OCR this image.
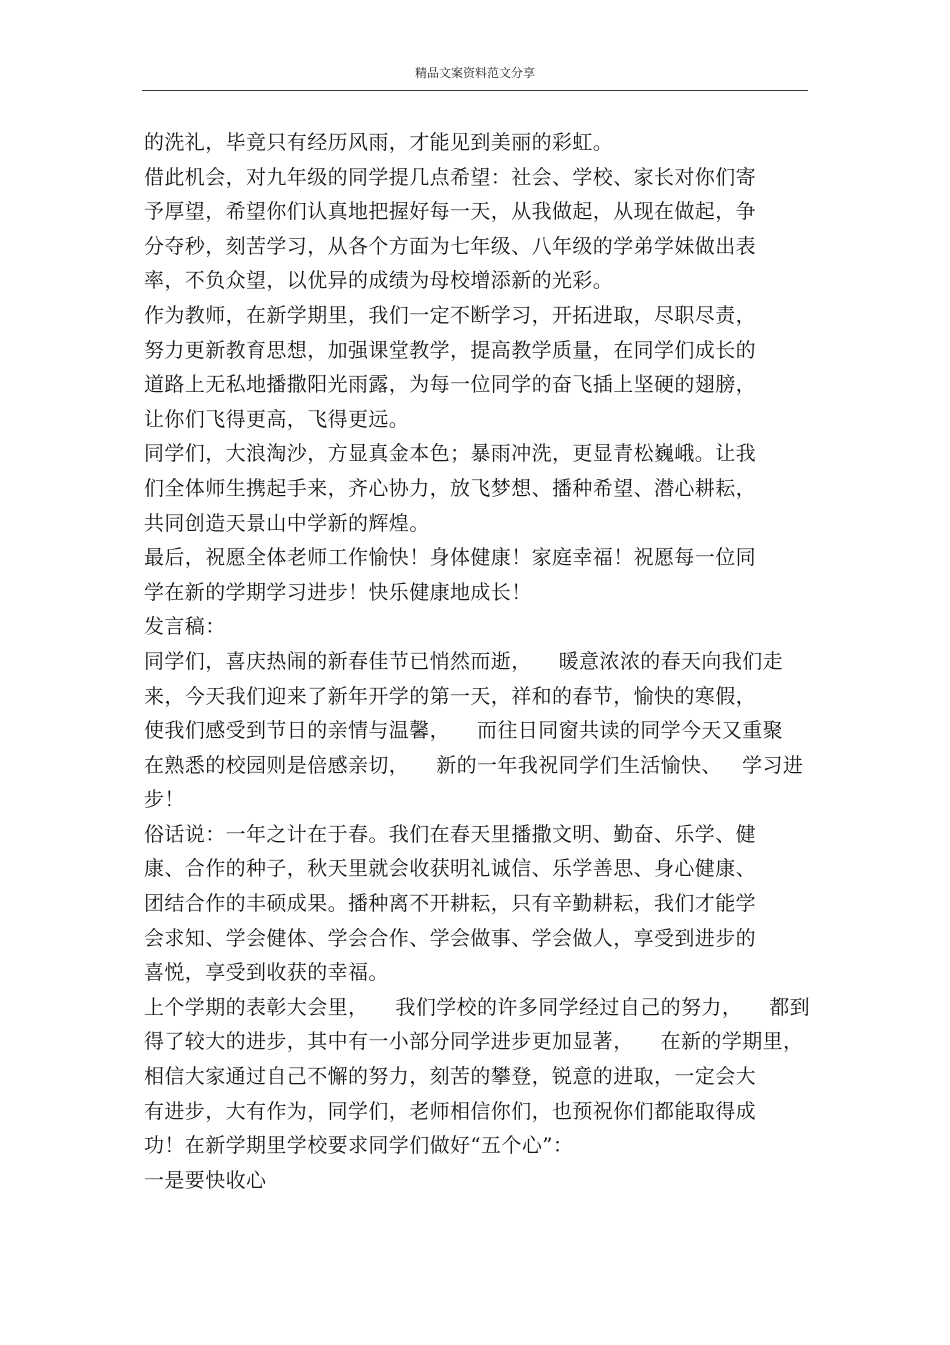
精品文案资料范文分享
的洗礼，毕竟只有经历风雨，才能见到美丽的彩虹。
借此机会，对九年级的同学提几点希望：社会、学校、家长对你们寄
予厚望，希望你们认真地把握好每一天，从我做起，从现在做起，争
分夺秒，刻苦学习，从各个方面为七年级、八年级的学弟学妹做出表
率，不负众望，以优异的成绩为母校增添新的光彩。
作为教师，在新学期里，我们一定不断学习，开拓进取，尽职尽责，
努力更新教育思想，加强课堂教学，提高教学质量，在同学们成长的
道路上无私地播撒阳光雨露，为每一位同学的奋飞插上坚硬的翅膀，
让你们飞得更高，飞得更远。
同学们，大浪淘沙，方显真金本色；暴雨冲洗，更显青松巍峨。让我
们全体师生携起手来，齐心协力，放飞梦想、播种希望、潜心耕耘，
共同创造天景山中学新的辉煌。
最后，祝愿全体老师工作愉快！身体健康！家庭幸福！祝愿每一位同
学在新的学期学习进步！快乐健康地成长！
发言稿：
同学们，喜庆热闹的新春佳节已悄然而逝，    暖意浓浓的春天向我们走
来，今天我们迎来了新年开学的第一天，祥和的春节，愉快的寒假，
使我们感受到节日的亲情与温馨，    而往日同窗共读的同学今天又重聚
在熟悉的校园则是倍感亲切，    新的一年我祝同学们生活愉快、   学习进
步！
俗话说：一年之计在于春。我们在春天里播撒文明、勤奋、乐学、健
康、合作的种子，秋天里就会收获明礼诚信、乐学善思、身心健康、
团结合作的丰硕成果。播种离不开耕耘，只有辛勤耕耘，我们才能学
会求知、学会健体、学会合作、学会做事、学会做人，享受到进步的
喜悦，享受到收获的幸福。
上个学期的表彰大会里，    我们学校的许多同学经过自己的努力，    都到
得了较大的进步，其中有一小部分同学进步更加显著，    在新的学期里，
相信大家通过自己不懈的努力，刻苦的攀登，锐意的进取，一定会大
有进步，大有作为，同学们，老师相信你们，也预祝你们都能取得成
功！在新学期里学校要求同学们做好“五个心”：
一是要快收心
